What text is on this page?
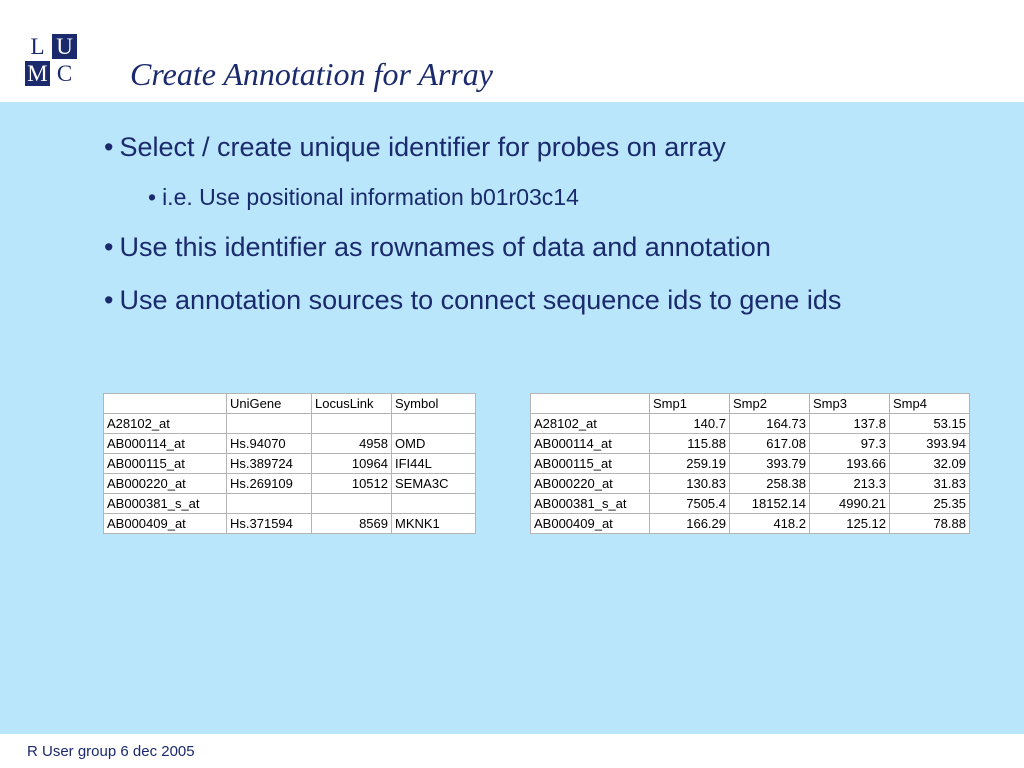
L U
M C Create Annotation for Array
• Select / create unique identifier for probes on array
• i.e. Use positional information b01r03c14
• Use this identifier as rownames of data and annotation
• Use annotation sources to connect sequence ids to gene ids
	UniGene	LocusLink	Symbol
A28102_at			
AB000114_at	Hs.94070	4958	OMD
AB000115_at	Hs.389724	10964	IFI44L
AB000220_at	Hs.269109	10512	SEMA3C
AB000381_s_at			
AB000409_at	Hs.371594	8569	MKNK1
	Smp1	Smp2	Smp3	Smp4
A28102_at	140.7	164.73	137.8	53.15
AB000114_at	115.88	617.08	97.3	393.94
AB000115_at	259.19	393.79	193.66	32.09
AB000220_at	130.83	258.38	213.3	31.83
AB000381_s_at	7505.4	18152.14	4990.21	25.35
AB000409_at	166.29	418.2	125.12	78.88
R User group 6 dec 2005
